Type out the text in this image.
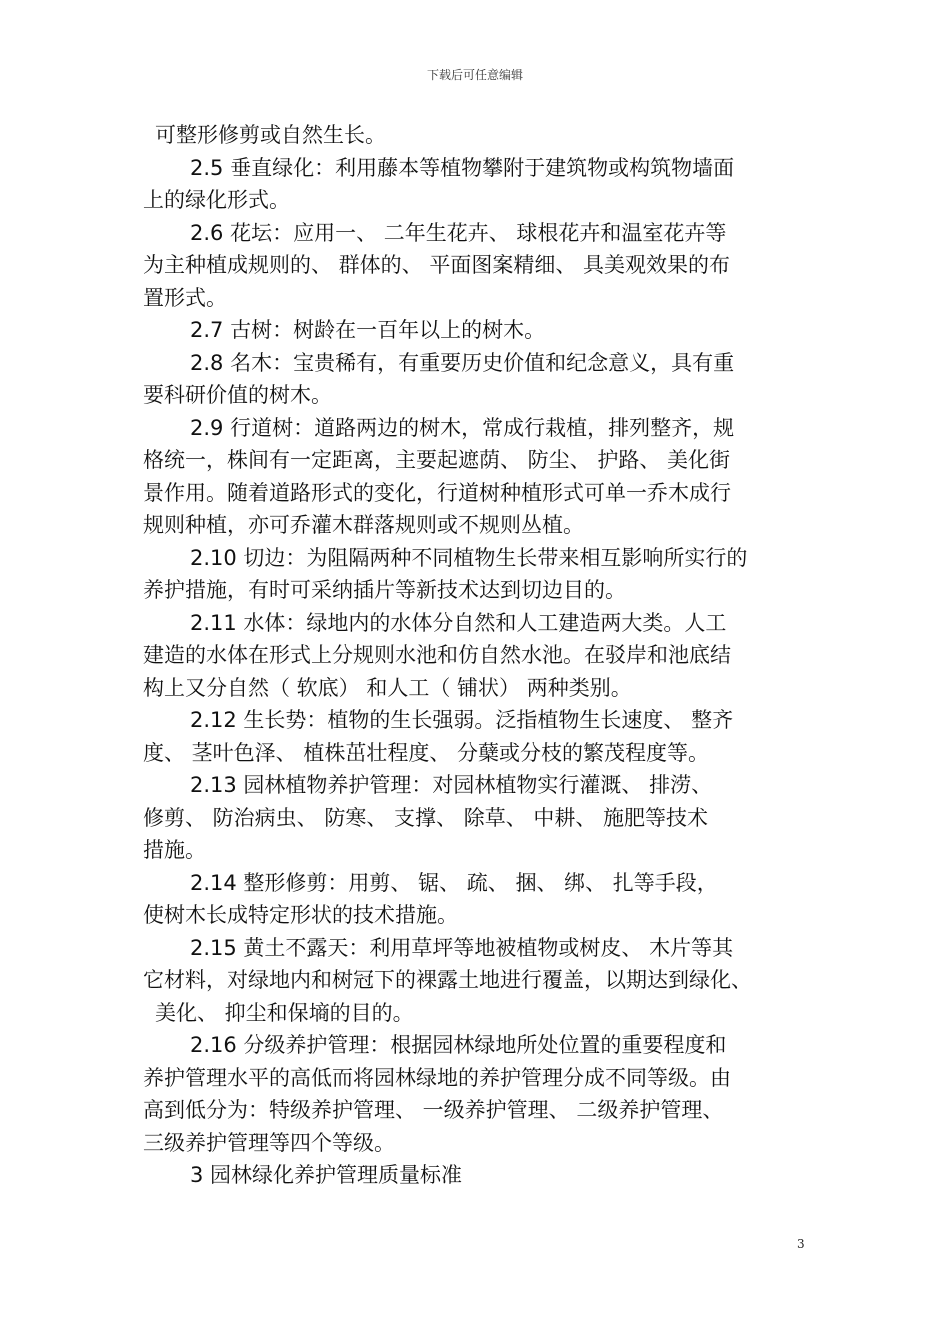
下载后可任意编辑

可整形修剪或自然生长。

2.5 垂直绿化：利用藤本等植物攀附于建筑物或构筑物墙面

上的绿化形式。

2.6 花坛：应用一、 二年生花卉、 球根花卉和温室花卉等

为主种植成规则的、 群体的、 平面图案精细、 具美观效果的布

置形式。

2.7 古树：树龄在一百年以上的树木。

2.8 名木：宝贵稀有，有重要历史价值和纪念意义，具有重

要科研价值的树木。

2.9 行道树：道路两边的树木，常成行栽植，排列整齐，规

格统一，株间有一定距离，主要起遮荫、 防尘、 护路、 美化街

景作用。随着道路形式的变化，行道树种植形式可单一乔木成行

规则种植，亦可乔灌木群落规则或不规则丛植。

2.10 切边：为阻隔两种不同植物生长带来相互影响所实行的

养护措施，有时可采纳插片等新技术达到切边目的。

2.11 水体：绿地内的水体分自然和人工建造两大类。人工

建造的水体在形式上分规则水池和仿自然水池。在驳岸和池底结

构上又分自然（ 软底） 和人工（ 铺状） 两种类别。

2.12 生长势：植物的生长强弱。泛指植物生长速度、 整齐

度、 茎叶色泽、 植株茁壮程度、 分蘖或分枝的繁茂程度等。

2.13 园林植物养护管理：对园林植物实行灌溉、 排涝、

修剪、 防治病虫、 防寒、 支撑、 除草、 中耕、 施肥等技术

措施。

2.14 整形修剪：用剪、 锯、 疏、 捆、 绑、 扎等手段，

使树木长成特定形状的技术措施。

2.15 黄土不露天：利用草坪等地被植物或树皮、 木片等其

它材料，对绿地内和树冠下的裸露土地进行覆盖，以期达到绿化、

美化、 抑尘和保墒的目的。

2.16 分级养护管理：根据园林绿地所处位置的重要程度和

养护管理水平的高低而将园林绿地的养护管理分成不同等级。由

高到低分为：特级养护管理、 一级养护管理、 二级养护管理、

三级养护管理等四个等级。

3 园林绿化养护管理质量标准

3
